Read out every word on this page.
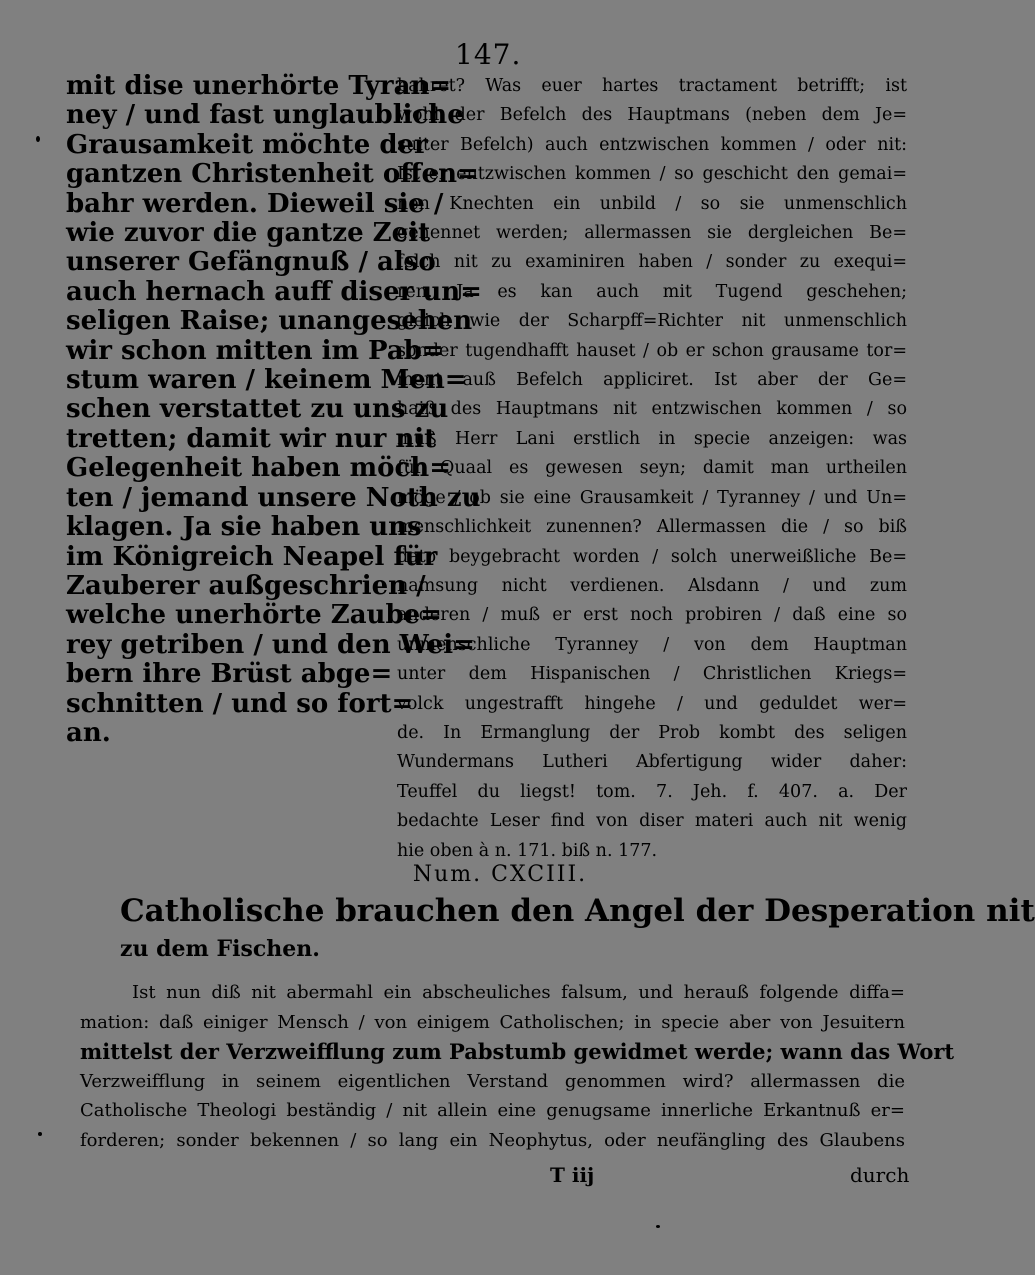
147.
mit dise unerhörte Tyran=
ney / und fast unglaubliche
Grausamkeit möchte der
gantzen Christenheit offen=
bahr werden. Dieweil sie /
wie zuvor die gantze Zeit
unserer Gefängnuß / also
auch hernach auff diser un=
seligen Raise; unangesehen
wir schon mitten im Pab=
stum waren / keinem Men=
schen verstattet zu uns zu
tretten; damit wir nur nit
Gelegenheit haben möch=
ten / jemand unsere Noth zu
klagen. Ja sie haben uns
im Königreich Neapel für
Zauberer außgeschrien /
welche unerhörte Zaube=
rey getriben / und den Wei=
bern ihre Brüst abge=
schnitten / und so fort=
an.
bahret? Was euer hartes tractament betrifft; ist
wohl der Befelch des Hauptmans (neben dem Je=
suiter Befelch) auch entzwischen kommen / oder nit:
Ist er entzwischen kommen / so geschicht den gemai=
nen Knechten ein unbild / so sie unmenschlich
genennet werden; allermassen sie dergleichen Be=
felch nit zu examiniren haben / sonder zu exequi=
ren. Ja es kan auch mit Tugend geschehen;
gleich wie der Scharpff=Richter nit unmenschlich
sonder tugendhafft hauset / ob er schon grausame tor=
ment auß Befelch appliciret. Ist aber der Ge=
haiß des Hauptmans nit entzwischen kommen / so
muß Herr Lani erstlich in specie anzeigen: was
für Quaal es gewesen seyn; damit man urtheilen
möge / ob sie eine Grausamkeit / Tyranney / und Un=
menschlichkeit zunennen? Allermassen die / so biß
dato beygebracht worden / solch unerweißliche Be=
namsung nicht verdienen. Alsdann / und zum
anderen / muß er erst noch probiren / daß eine so
unmenschliche Tyranney / von dem Hauptman
unter dem Hispanischen / Christlichen Kriegs=
volck ungestrafft hingehe / und geduldet wer=
de. In Ermanglung der Prob kombt des seligen
Wundermans Lutheri Abfertigung wider daher:
Teuffel du liegst! tom. 7. Jeh. f. 407. a. Der
bedachte Leser find von diser materi auch nit wenig
hie oben à n. 171. biß n. 177.
Num. CXCIII.
Catholische brauchen den Angel der Desperation nit
zu dem Fischen.
Ist nun diß nit abermahl ein abscheuliches falsum, und herauß folgende diffa=
mation: daß einiger Mensch / von einigem Catholischen; in specie aber von Jesuitern
mittelst der Verzweifflung zum Pabstumb gewidmet werde; wann das Wort
Verzweifflung in seinem eigentlichen Verstand genommen wird? allermassen die
Catholische Theologi beständig / nit allein eine genugsame innerliche Erkantnuß er=
forderen; sonder bekennen / so lang ein Neophytus, oder neufängling des Glaubens
T iij	durch
